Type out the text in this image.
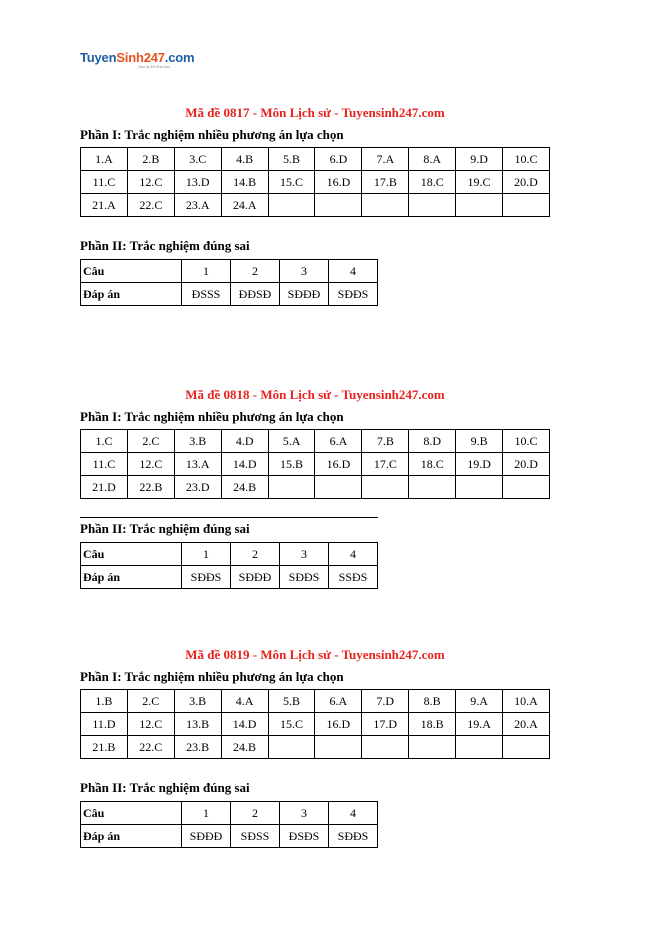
TuyenSinh247.com
Học là Đỗ Đại học
Mã đề 0817 - Môn Lịch sử - Tuyensinh247.com
Phần I: Trắc nghiệm nhiều phương án lựa chọn
1.A	2.B	3.C	4.B	5.B	6.D	7.A	8.A	9.D	10.C
11.C	12.C	13.D	14.B	15.C	16.D	17.B	18.C	19.C	20.D
21.A	22.C	23.A	24.A						
Phần II: Trắc nghiệm đúng sai
Câu	1	2	3	4
Đáp án	ĐSSS	ĐĐSĐ	SĐĐĐ	SĐĐS
Mã đề 0818 - Môn Lịch sử - Tuyensinh247.com
Phần I: Trắc nghiệm nhiều phương án lựa chọn
1.C	2.C	3.B	4.D	5.A	6.A	7.B	8.D	9.B	10.C
11.C	12.C	13.A	14.D	15.B	16.D	17.C	18.C	19.D	20.D
21.D	22.B	23.D	24.B						
Phần II: Trắc nghiệm đúng sai
Câu	1	2	3	4
Đáp án	SĐĐS	SĐĐĐ	SĐĐS	SSĐS
Mã đề 0819 - Môn Lịch sử - Tuyensinh247.com
Phần I: Trắc nghiệm nhiều phương án lựa chọn
1.B	2.C	3.B	4.A	5.B	6.A	7.D	8.B	9.A	10.A
11.D	12.C	13.B	14.D	15.C	16.D	17.D	18.B	19.A	20.A
21.B	22.C	23.B	24.B						
Phần II: Trắc nghiệm đúng sai
Câu	1	2	3	4
Đáp án	SĐĐĐ	SĐSS	ĐSĐS	SĐĐS
